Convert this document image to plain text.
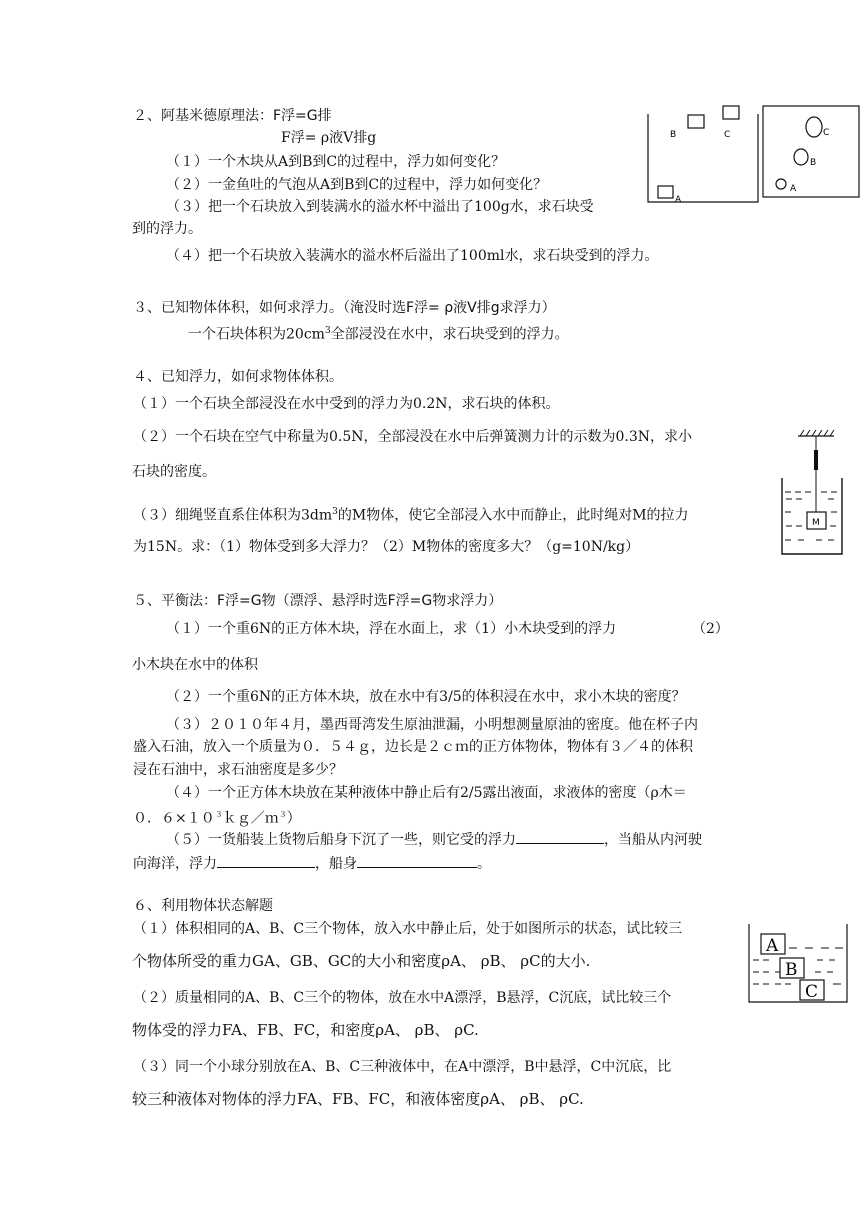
２、阿基米德原理法：F浮=G排
F浮= ρ液V排g
（１）一个木块从A到B到C的过程中，浮力如何变化？
（２）一金鱼吐的气泡从A到B到C的过程中，浮力如何变化？
（３）把一个石块放入到装满水的溢水杯中溢出了100g水，求石块受
到的浮力。
（４）把一个石块放入装满水的溢水杯后溢出了100ml水，求石块受到的浮力。
B	C
A
C
B
A
３、已知物体体积，如何求浮力。（淹没时选F浮= ρ液V排g求浮力）
一个石块体积为$20cm^3$全部浸没在水中，求石块受到的浮力。
４、已知浮力，如何求物体体积。
（１）一个石块全部浸没在水中受到的浮力为0.2N，求石块的体积。
（２）一个石块在空气中称量为0.5N，全部浸没在水中后弹簧测力计的示数为0.3N，求小
石块的密度。
（３）细绳竖直系住体积为$3dm^3$的M物体，使它全部浸入水中而静止，此时绳对M的拉力
为15N。求：（1）物体受到多大浮力？（2）M物体的密度多大？（g=10N/kg）
M
５、平衡法：F浮=G物（漂浮、悬浮时选F浮=G物求浮力）
（１）一个重6N的正方体木块，浮在水面上，求（1）小木块受到的浮力	（2）
小木块在水中的体积
（２）一个重6N的正方体木块，放在水中有3/5的体积浸在水中，求小木块的密度？
（３）２０１０年４月，墨西哥湾发生原油泄漏，小明想测量原油的密度。他在杯子内
盛入石油，放入一个质量为０．５４ｇ，边长是２ｃｍ的正方体物体，物体有３／４的体积
浸在石油中，求石油密度是多少？
（４）一个正方体木块放在某种液体中静止后有2/5露出液面，求液体的密度（ρ木＝
０．$6\times 10^3kg/m^3$）
（５）一货船装上货物后船身下沉了一些，则它受的浮力	，当船从内河驶
向海洋，浮力	，船身	。
６、利用物体状态解题
（１）体积相同的A、B、C三个物体，放入水中静止后，处于如图所示的状态，试比较三
个物体所受的重力GA、GB、GC的大小和密度ρA、 ρB、 ρC的大小.
（２）质量相同的A、B、C三个的物体，放在水中A漂浮，B悬浮，C沉底，试比较三个
物体受的浮力FA、FB、FC，和密度ρA、 ρB、 ρC.
（３）同一个小球分别放在A、B、C三种液体中，在A中漂浮，B中悬浮，C中沉底，比
较三种液体对物体的浮力FA、FB、FC，和液体密度ρA、 ρB、 ρC.
A
B
C
